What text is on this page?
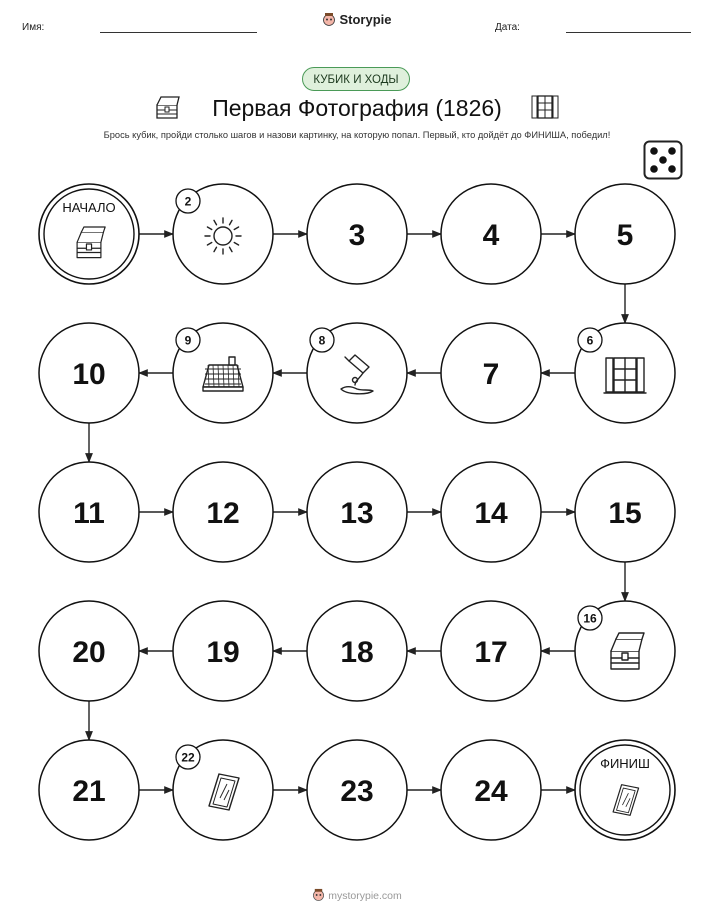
Имя:
Storypie
Дата:
КУБИК И ХОДЫ
Первая Фотография (1826)
Брось кубик, пройди столько шагов и назови картинку, на которую попал. Первый, кто дойдёт до ФИНИША, победил!
НАЧАЛО	2
3	4	5
6
7
8
9
10
11	12	13	14	15
16
17
18
19
20
21
22
23	24
ФИНИШ
mystorypie.com
